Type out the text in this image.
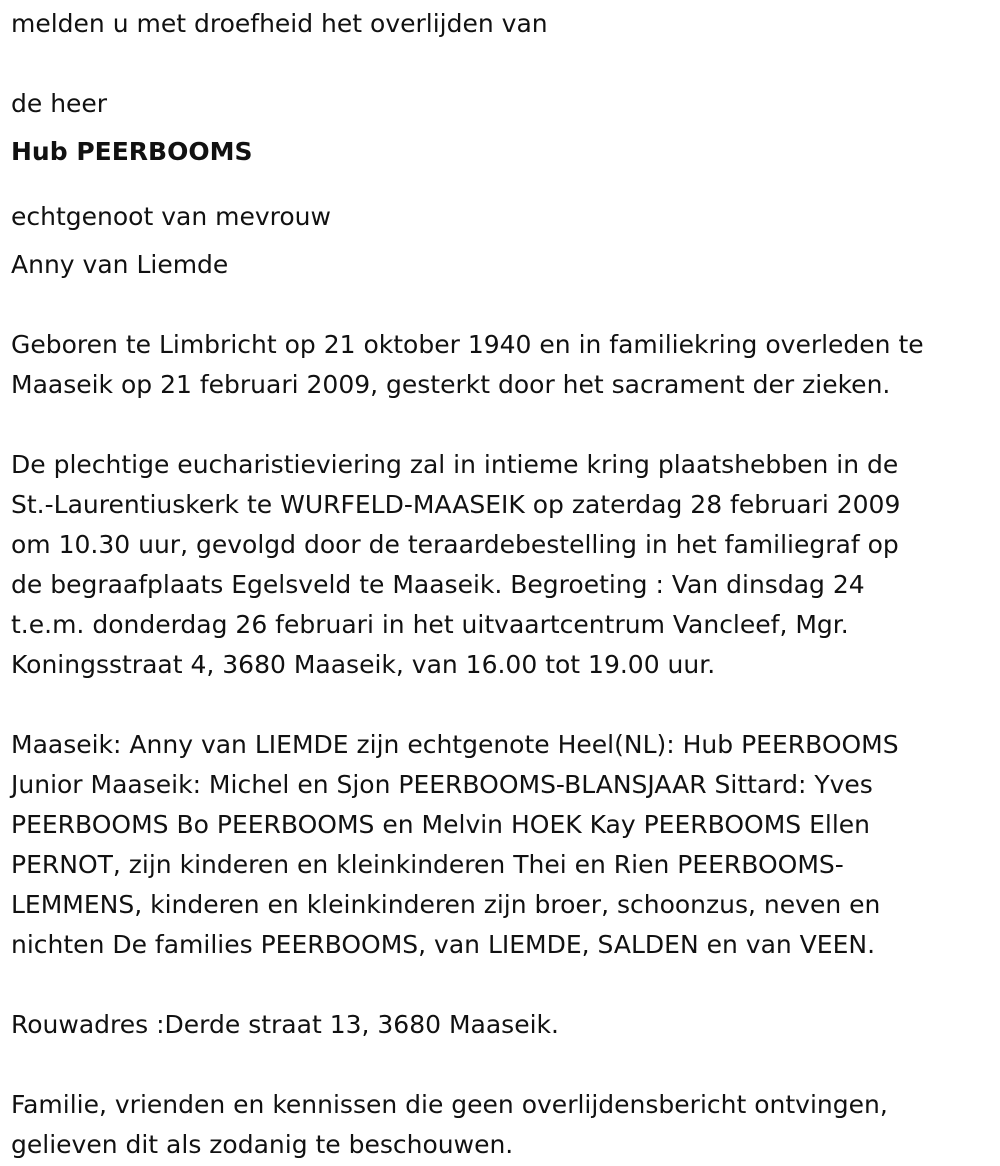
melden u met droefheid het overlijden van

de heer

Hub PEERBOOMS

echtgenoot van mevrouw

Anny van Liemde

Geboren te Limbricht op 21 oktober 1940 en in familiekring overleden te
Maaseik op 21 februari 2009, gesterkt door het sacrament der zieken.
De plechtige eucharistieviering zal in intieme kring plaatshebben in de
St.-Laurentiuskerk te WURFELD-MAASEIK op zaterdag 28 februari 2009
om 10.30 uur, gevolgd door de teraardebestelling in het familiegraf op
de begraafplaats Egelsveld te Maaseik. Begroeting : Van dinsdag 24
t.e.m. donderdag 26 februari in het uitvaartcentrum Vancleef, Mgr.
Koningsstraat 4, 3680 Maaseik, van 16.00 tot 19.00 uur.
Maaseik: Anny van LIEMDE zijn echtgenote Heel(NL): Hub PEERBOOMS
Junior Maaseik: Michel en Sjon PEERBOOMS-BLANSJAAR Sittard: Yves
PEERBOOMS Bo PEERBOOMS en Melvin HOEK Kay PEERBOOMS Ellen
PERNOT, zijn kinderen en kleinkinderen Thei en Rien PEERBOOMS-
LEMMENS, kinderen en kleinkinderen zijn broer, schoonzus, neven en
nichten De families PEERBOOMS, van LIEMDE, SALDEN en van VEEN.
Rouwadres :Derde straat 13, 3680 Maaseik.
Familie, vrienden en kennissen die geen overlijdensbericht ontvingen,
gelieven dit als zodanig te beschouwen.
